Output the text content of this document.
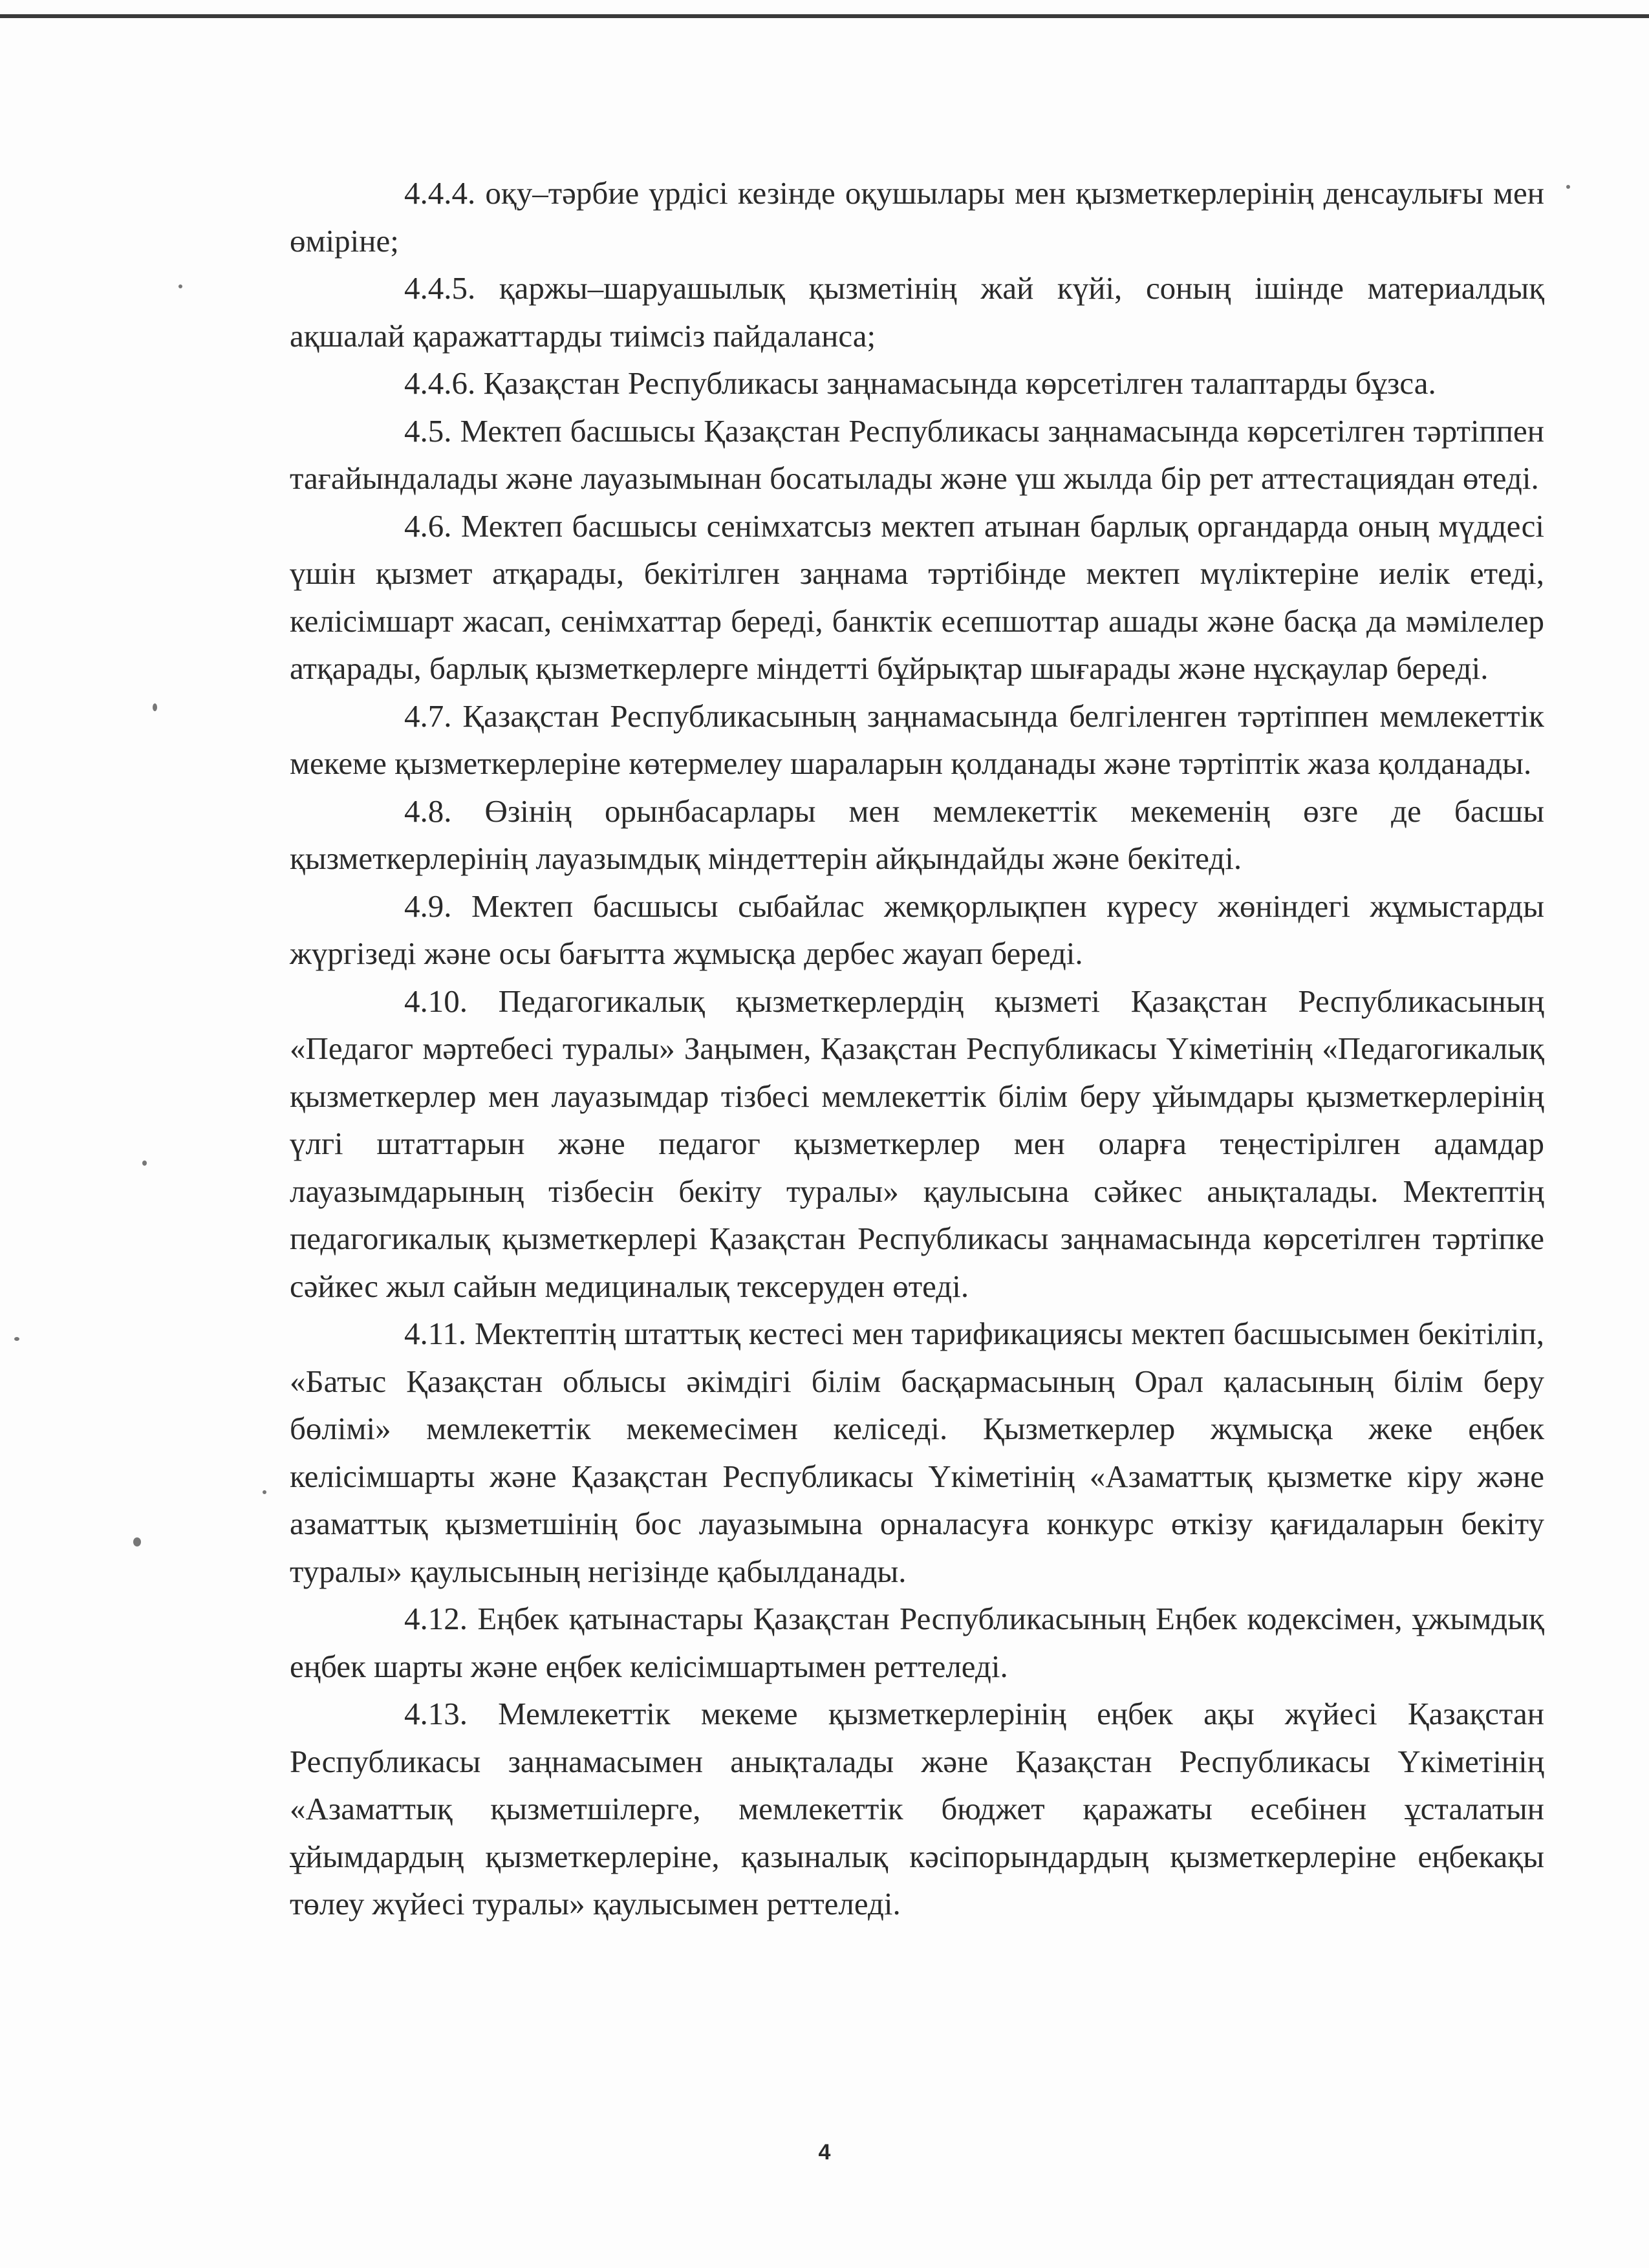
4.4.4. оқу–тәрбие үрдісі кезінде оқушылары мен қызметкерлерінің денсаулығы мен өміріне;

4.4.5. қаржы–шаруашылық қызметінің жай күйі, соның ішінде материалдық ақшалай қаражаттарды тиімсіз пайдаланса;

4.4.6. Қазақстан Республикасы заңнамасында көрсетілген талаптарды бұзса.

4.5. Мектеп басшысы Қазақстан Республикасы заңнамасында көрсетілген тәртіппен тағайындалады және лауазымынан босатылады және үш жылда бір рет аттестациядан өтеді.

4.6. Мектеп басшысы сенімхатсыз мектеп атынан барлық органдарда оның мүддесі үшін қызмет атқарады, бекітілген заңнама тәртібінде мектеп мүліктеріне иелік етеді, келісімшарт жасап, сенімхаттар береді, банктік есепшоттар ашады және басқа да мәмілелер атқарады, барлық қызметкерлерге міндетті бұйрықтар шығарады және нұсқаулар береді.

4.7. Қазақстан Республикасының заңнамасында белгіленген тәртіппен мемлекеттік мекеме қызметкерлеріне көтермелеу шараларын қолданады және тәртіптік жаза қолданады.

4.8. Өзінің орынбасарлары мен мемлекеттік мекеменің өзге де басшы қызметкерлерінің лауазымдық міндеттерін айқындайды және бекітеді.

4.9. Мектеп басшысы сыбайлас жемқорлықпен күресу жөніндегі жұмыстарды жүргізеді және осы бағытта жұмысқа дербес жауап береді.

4.10. Педагогикалық қызметкерлердің қызметі Қазақстан Республикасының «Педагог мәртебесі туралы» Заңымен, Қазақстан Республикасы Үкіметінің «Педагогикалық қызметкерлер мен лауазымдар тізбесі мемлекеттік білім беру ұйымдары қызметкерлерінің үлгі штаттарын және педагог қызметкерлер мен оларға теңестірілген адамдар лауазымдарының тізбесін бекіту туралы» қаулысына сәйкес анықталады. Мектептің педагогикалық қызметкерлері Қазақстан Республикасы заңнамасында көрсетілген тәртіпке сәйкес жыл сайын медициналық тексеруден өтеді.

4.11. Мектептің штаттық кестесі мен тарификациясы мектеп басшысымен бекітіліп, «Батыс Қазақстан облысы әкімдігі білім басқармасының Орал қаласының білім беру бөлімі» мемлекеттік мекемесімен келіседі. Қызметкерлер жұмысқа жеке еңбек келісімшарты және Қазақстан Республикасы Үкіметінің «Азаматтық қызметке кіру және азаматтық қызметшінің бос лауазымына орналасуға конкурс өткізу қағидаларын бекіту туралы» қаулысының негізінде қабылданады.

4.12. Еңбек қатынастары Қазақстан Республикасының Еңбек кодексімен, ұжымдық еңбек шарты және еңбек келісімшартымен реттеледі.

4.13. Мемлекеттік мекеме қызметкерлерінің еңбек ақы жүйесі Қазақстан Республикасы заңнамасымен анықталады және Қазақстан Республикасы Үкіметінің «Азаматтық қызметшілерге, мемлекеттік бюджет қаражаты есебінен ұсталатын ұйымдардың қызметкерлеріне, қазыналық кәсіпорындардың қызметкерлеріне еңбекақы төлеу жүйесі туралы» қаулысымен реттеледі.

4
